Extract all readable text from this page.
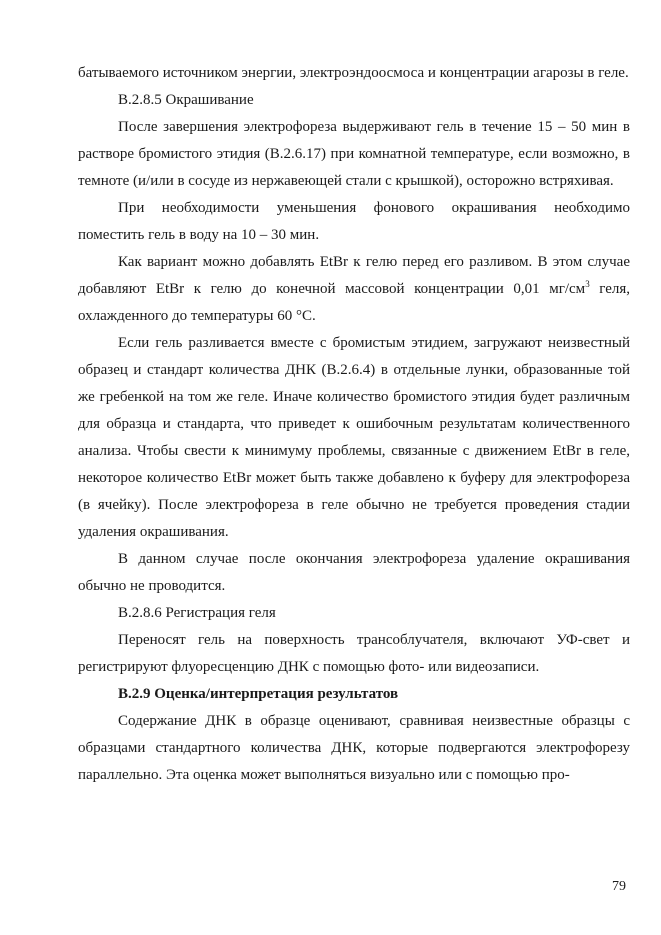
батываемого источником энергии, электроэндоосмоса и концентрации агарозы в геле.

В.2.8.5 Окрашивание

После завершения электрофореза выдерживают гель в течение 15 – 50 мин в растворе бромистого этидия (В.2.6.17) при комнатной температуре, если возможно, в темноте (и/или в сосуде из нержавеющей стали с крышкой), осторожно встряхивая.

При необходимости уменьшения фонового окрашивания необходимо поместить гель в воду на 10 – 30 мин.

Как вариант можно добавлять EtBr к гелю перед его разливом. В этом случае добавляют EtBr к гелю до конечной массовой концентрации 0,01 $мг/см^3$ геля, охлажденного до температуры 60 °C.

Если гель разливается вместе с бромистым этидием, загружают неизвестный образец и стандарт количества ДНК (В.2.6.4) в отдельные лунки, образованные той же гребенкой на том же геле. Иначе количество бромистого этидия будет различным для образца и стандарта, что приведет к ошибочным результатам количественного анализа. Чтобы свести к минимуму проблемы, связанные с движением EtBr в геле, некоторое количество EtBr может быть также добавлено к буферу для электрофореза (в ячейку). После электрофореза в геле обычно не требуется проведения стадии удаления окрашивания.

В данном случае после окончания электрофореза удаление окрашивания обычно не проводится.

В.2.8.6 Регистрация геля

Переносят гель на поверхность трансоблучателя, включают УФ-свет и регистрируют флуоресценцию ДНК с помощью фото- или видеозаписи.

В.2.9 Оценка/интерпретация результатов

Содержание ДНК в образце оценивают, сравнивая неизвестные образцы с образцами стандартного количества ДНК, которые подвергаются электрофорезу параллельно. Эта оценка может выполняться визуально или с помощью про-

79
